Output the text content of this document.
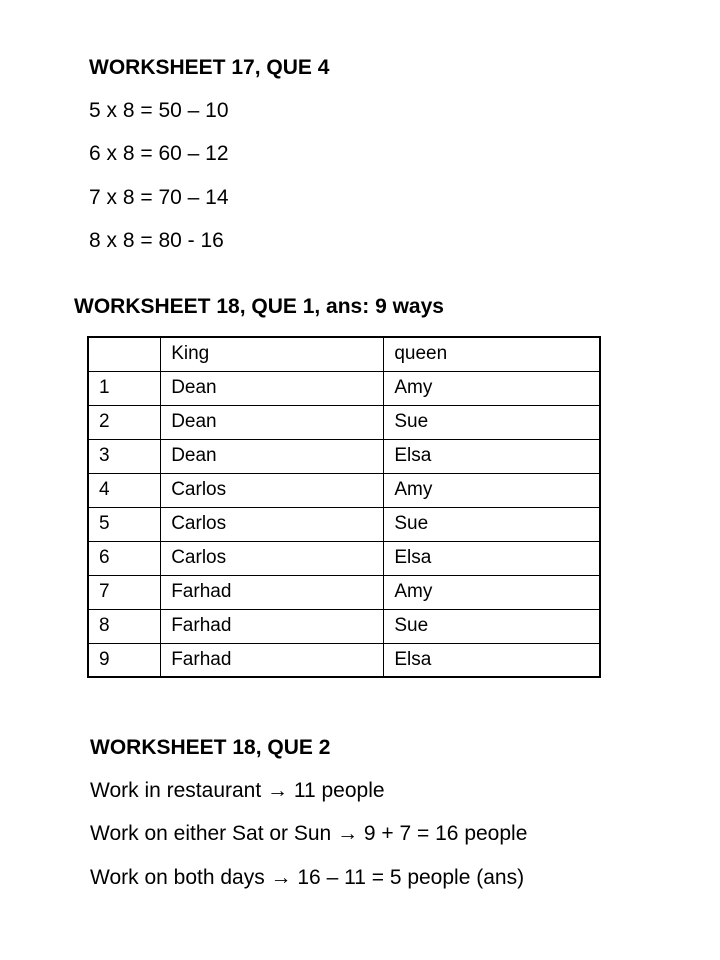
WORKSHEET 17, QUE 4
5 x 8 = 50 – 10
6 x 8 = 60 – 12
7 x 8 = 70 – 14
8 x 8 = 80 - 16
WORKSHEET 18, QUE 1, ans: 9 ways
	King	queen
1	Dean	Amy
2	Dean	Sue
3	Dean	Elsa
4	Carlos	Amy
5	Carlos	Sue
6	Carlos	Elsa
7	Farhad	Amy
8	Farhad	Sue
9	Farhad	Elsa
WORKSHEET 18, QUE 2
Work in restaurant → 11 people
Work on either Sat or Sun → 9 + 7 = 16 people
Work on both days → 16 – 11 = 5 people (ans)
